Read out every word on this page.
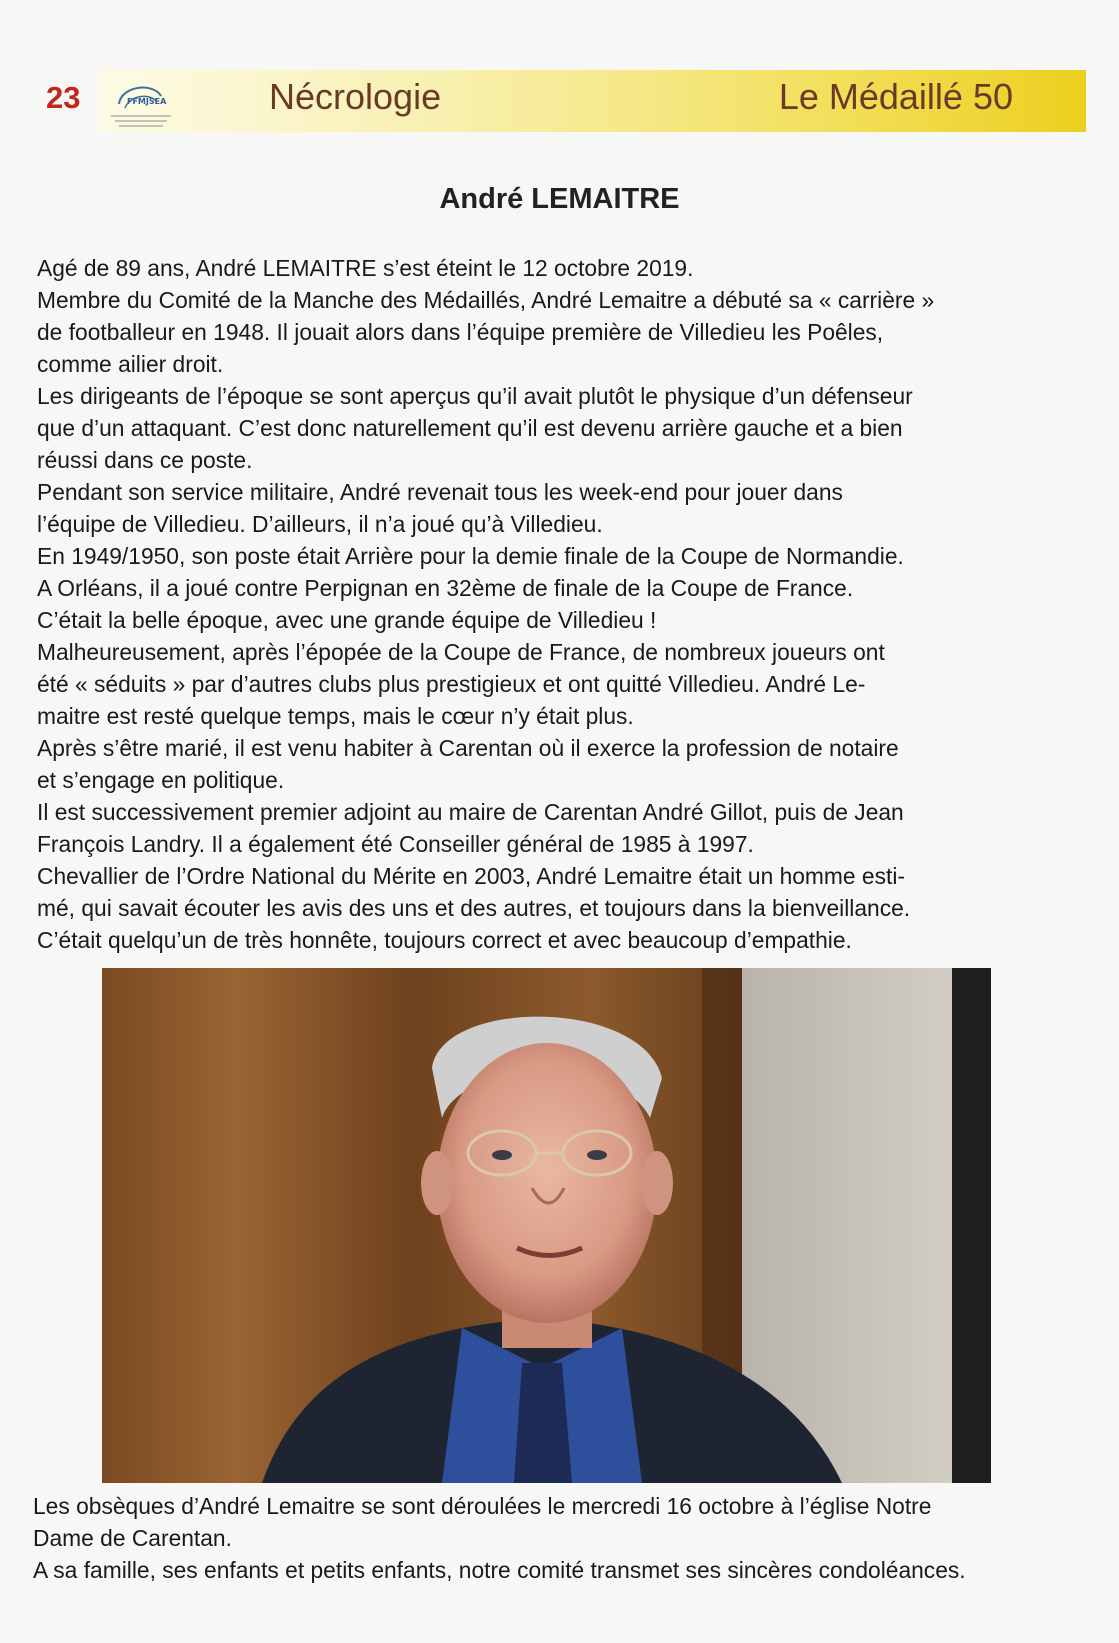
23	FFMJSEA	Nécrologie	Le Médaillé 50
André LEMAITRE
Agé de 89 ans, André LEMAITRE s’est éteint le 12 octobre 2019.
Membre du Comité de la Manche des Médaillés, André Lemaitre a débuté sa « carrière »
de footballeur en 1948. Il jouait alors dans l’équipe première de Villedieu les Poêles,
comme ailier droit.
Les dirigeants de l’époque se sont aperçus qu’il avait plutôt le physique d’un défenseur
que d’un attaquant. C’est donc naturellement qu’il est devenu arrière gauche et a bien
réussi dans ce poste.
Pendant son service militaire, André revenait tous les week-end pour jouer dans
l’équipe de Villedieu. D’ailleurs, il n’a joué qu’à Villedieu.
En 1949/1950, son poste était Arrière pour la demie finale de la Coupe de Normandie.
A Orléans, il a joué contre Perpignan en 32ème de finale de la Coupe de France.
C’était la belle époque, avec une grande équipe de Villedieu !
Malheureusement, après l’épopée de la Coupe de France, de nombreux joueurs ont
été « séduits » par d’autres clubs plus prestigieux et ont quitté Villedieu. André Le-
maitre est resté quelque temps, mais le cœur n’y était plus.
Après s’être marié, il est venu habiter à Carentan où il exerce la profession de notaire
et s’engage en politique.
Il est successivement premier adjoint au maire de Carentan André Gillot, puis de Jean
François Landry. Il a également été Conseiller général de 1985 à 1997.
Chevallier de l’Ordre National du Mérite en 2003, André Lemaitre était un homme esti-
mé, qui savait écouter les avis des uns et des autres, et toujours dans la bienveillance.
C’était quelqu’un de très honnête, toujours correct et avec beaucoup d’empathie.
Les obsèques d’André Lemaitre se sont déroulées le mercredi 16 octobre à l’église Notre
Dame de Carentan.
A sa famille, ses enfants et petits enfants, notre comité transmet ses sincères condoléances.
